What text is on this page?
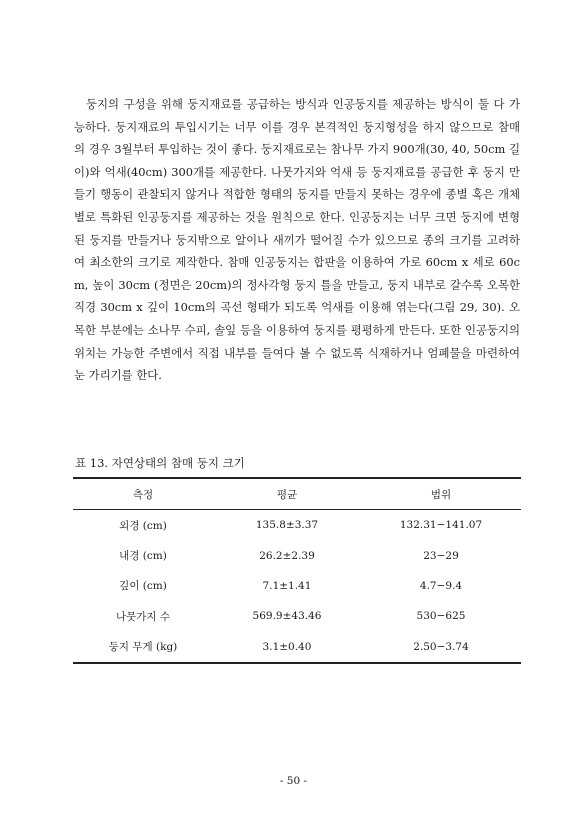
둥지의 구성을 위해 둥지재료를 공급하는 방식과 인공둥지를 제공하는 방식이 둘 다 가능하다. 둥지재료의 투입시기는 너무 이를 경우 본격적인 둥지형성을 하지 않으므로 참매의 경우 3월부터 투입하는 것이 좋다. 둥지재료로는 참나무 가지 900개(30, 40, 50cm 길이)와 억새(40cm) 300개를 제공한다. 나뭇가지와 억새 등 둥지재료를 공급한 후 둥지 만들기 행동이 관찰되지 않거나 적합한 형태의 둥지를 만들지 못하는 경우에 종별 혹은 개체별로 특화된 인공둥지를 제공하는 것을 원칙으로 한다. 인공둥지는 너무 크면 둥지에 변형된 둥지를 만들거나 둥지밖으로 알이나 새끼가 떨어질 수가 있으므로 종의 크기를 고려하여 최소한의 크기로 제작한다. 참매 인공둥지는 합판을 이용하여 가로 60cm x 세로 60cm, 높이 30cm (정면은 20cm)의 정사각형 둥지 틀을 만들고, 둥지 내부로 갈수록 오목한 직경 30cm x 깊이 10cm의 곡선 형태가 되도록 억새를 이용해 엮는다(그림 29, 30). 오목한 부분에는 소나무 수피, 솔잎 등을 이용하여 둥지를 평평하게 만든다. 또한 인공둥지의 위치는 가능한 주변에서 직접 내부를 들여다 볼 수 없도록 식재하거나 엄폐물을 마련하여 눈 가리기를 한다.

표 13. 자연상태의 참매 둥지 크기

측정	평균	범위
외경 (cm)	135.8±3.37	132.31−141.07
내경 (cm)	26.2±2.39	23−29
깊이 (cm)	7.1±1.41	4.7−9.4
나뭇가지 수	569.9±43.46	530−625
둥지 무게 (kg)	3.1±0.40	2.50−3.74

- 50 -
